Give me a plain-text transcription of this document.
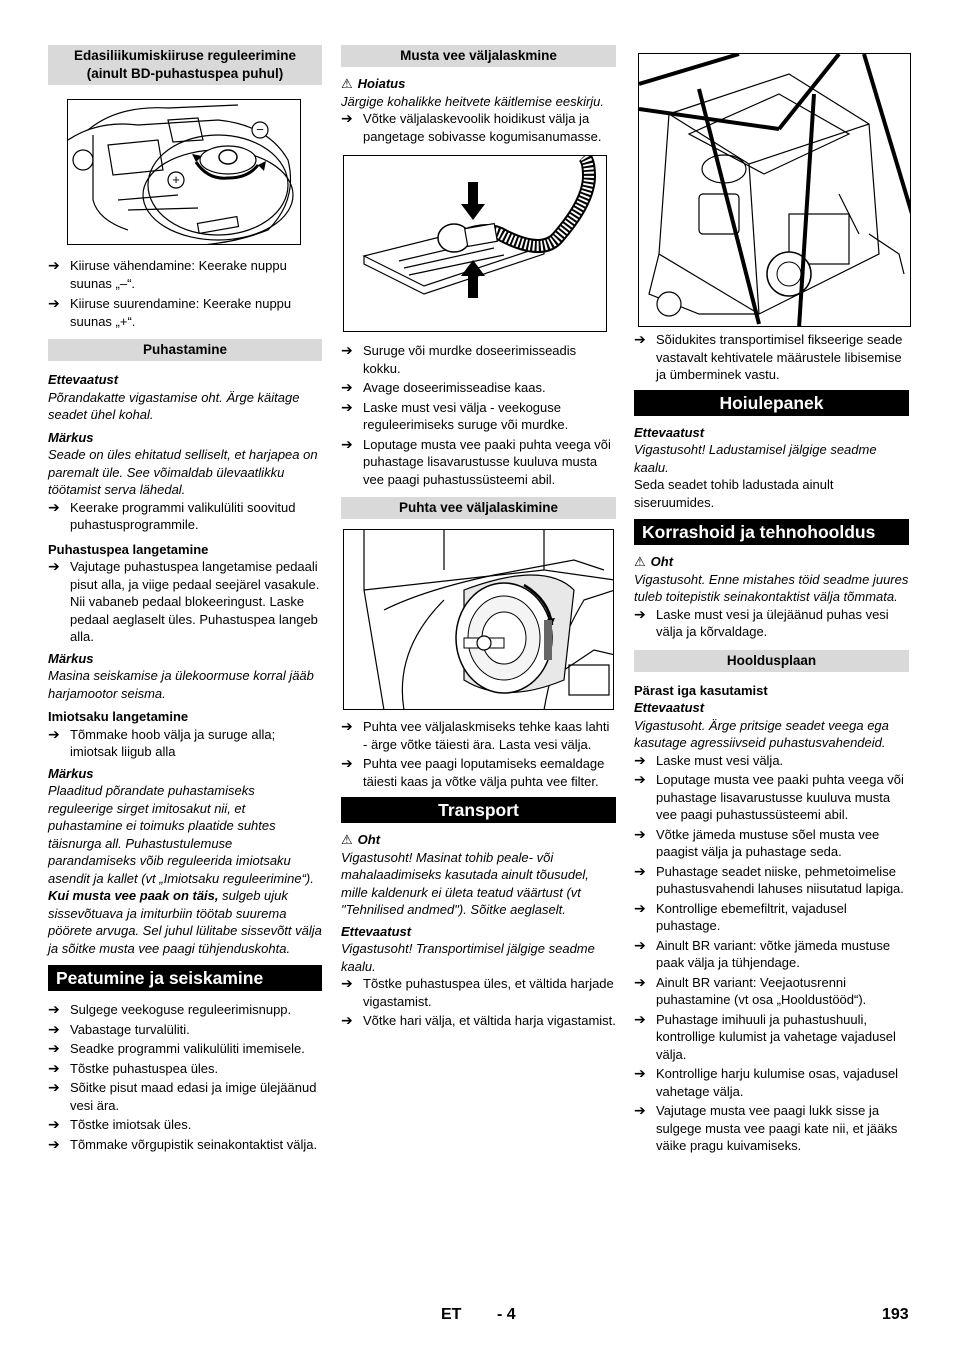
Edasiliikumiskiiruse reguleerimine (ainult BD-puhastuspea puhul)
+
−
➔ Kiiruse vähendamine: Keerake nuppu suunas „–“.
➔ Kiiruse suurendamine: Keerake nuppu suunas „+“.
Puhastamine
Ettevaatust
Põrandakatte vigastamise oht. Ärge käitage seadet ühel kohal.
Märkus
Seade on üles ehitatud selliselt, et harjapea on paremalt üle. See võimaldab ülevaatlikku töötamist serva lähedal.
➔ Keerake programmi valikulüliti soovitud puhastusprogrammile.
Puhastuspea langetamine
➔ Vajutage puhastuspea langetamise pedaali pisut alla, ja viige pedaal seejärel vasakule. Nii vabaneb pedaal blokeeringust. Laske pedaal aeglaselt üles. Puhastuspea langeb alla.
Märkus
Masina seiskamise ja ülekoormuse korral jääb harjamootor seisma.
Imiotsaku langetamine
➔ Tõmmake hoob välja ja suruge alla; imiotsak liigub alla
Märkus
Plaaditud põrandate puhastamiseks reguleerige sirget imitosakut nii, et puhastamine ei toimuks plaatide suhtes täisnurga all. Puhastustulemuse parandamiseks võib reguleerida imiotsaku asendit ja kallet (vt „Imiotsaku reguleerimine“).
Kui musta vee paak on täis, sulgeb ujuk sissevõtuava ja imiturbiin töötab suurema pöörete arvuga. Sel juhul lülitabe sissevõtt välja ja sõitke musta vee paagi tühjenduskohta.
Peatumine ja seiskamine
➔ Sulgege veekoguse reguleerimisnupp.
➔ Vabastage turvalüliti.
➔ Seadke programmi valikulüliti imemisele.
➔ Tõstke puhastuspea üles.
➔ Sõitke pisut maad edasi ja imige ülejäänud vesi ära.
➔ Tõstke imiotsak üles.
➔ Tõmmake võrgupistik seinakontaktist välja.
Musta vee väljalaskmine
⚠ Hoiatus
Järgige kohalikke heitvete käitlemise eeskirju.
➔ Võtke väljalaskevoolik hoidikust välja ja pangetage sobivasse kogumisanumasse.
➔ Suruge või murdke doseerimisseadis kokku.
➔ Avage doseerimisseadise kaas.
➔ Laske must vesi välja - veekoguse reguleerimiseks suruge või murdke.
➔ Loputage musta vee paaki puhta veega või puhastage lisavarustusse kuuluva musta vee paagi puhastussüsteemi abil.
Puhta vee väljalaskimine
➔ Puhta vee väljalaskmiseks tehke kaas lahti - ärge võtke täiesti ära. Lasta vesi välja.
➔ Puhta vee paagi loputamiseks eemaldage täiesti kaas ja võtke välja puhta vee filter.
Transport
⚠ Oht
Vigastusoht! Masinat tohib peale- või mahalaadimiseks kasutada ainult tõusudel, mille kaldenurk ei ületa teatud väärtust (vt "Tehnilised andmed"). Sõitke aeglaselt.
Ettevaatust
Vigastusoht! Transportimisel jälgige seadme kaalu.
➔ Tõstke puhastuspea üles, et vältida harjade vigastamist.
➔ Võtke hari välja, et vältida harja vigastamist.
➔ Sõidukites transportimisel fikseerige seade vastavalt kehtivatele määrustele libisemise ja ümberminek vastu.
Hoiulepanek
Ettevaatust
Vigastusoht! Ladustamisel jälgige seadme kaalu.
Seda seadet tohib ladustada ainult siseruumides.
Korrashoid ja tehnohooldus
⚠ Oht
Vigastusoht. Enne mistahes töid seadme juures tuleb toitepistik seinakontaktist välja tõmmata.
➔ Laske must vesi ja ülejäänud puhas vesi välja ja kõrvaldage.
Hooldusplaan
Pärast iga kasutamist
Ettevaatust
Vigastusoht. Ärge pritsige seadet veega ega kasutage agressiivseid puhastusvahendeid.
➔ Laske must vesi välja.
➔ Loputage musta vee paaki puhta veega või puhastage lisavarustusse kuuluva musta vee paagi puhastussüsteemi abil.
➔ Võtke jämeda mustuse sõel musta vee paagist välja ja puhastage seda.
➔ Puhastage seadet niiske, pehmetoimelise puhastusvahendi lahuses niisutatud lapiga.
➔ Kontrollige ebemefiltrit, vajadusel puhastage.
➔ Ainult BR variant: võtke jämeda mustuse paak välja ja tühjendage.
➔ Ainult BR variant: Veejaotusrenni puhastamine (vt osa „Hooldustööd“).
➔ Puhastage imihuuli ja puhastushuuli, kontrollige kulumist ja vahetage vajadusel välja.
➔ Kontrollige harju kulumise osas, vajadusel vahetage välja.
➔ Vajutage musta vee paagi lukk sisse ja sulgege musta vee paagi kate nii, et jääks väike pragu kuivamiseks.
ET - 4	193
